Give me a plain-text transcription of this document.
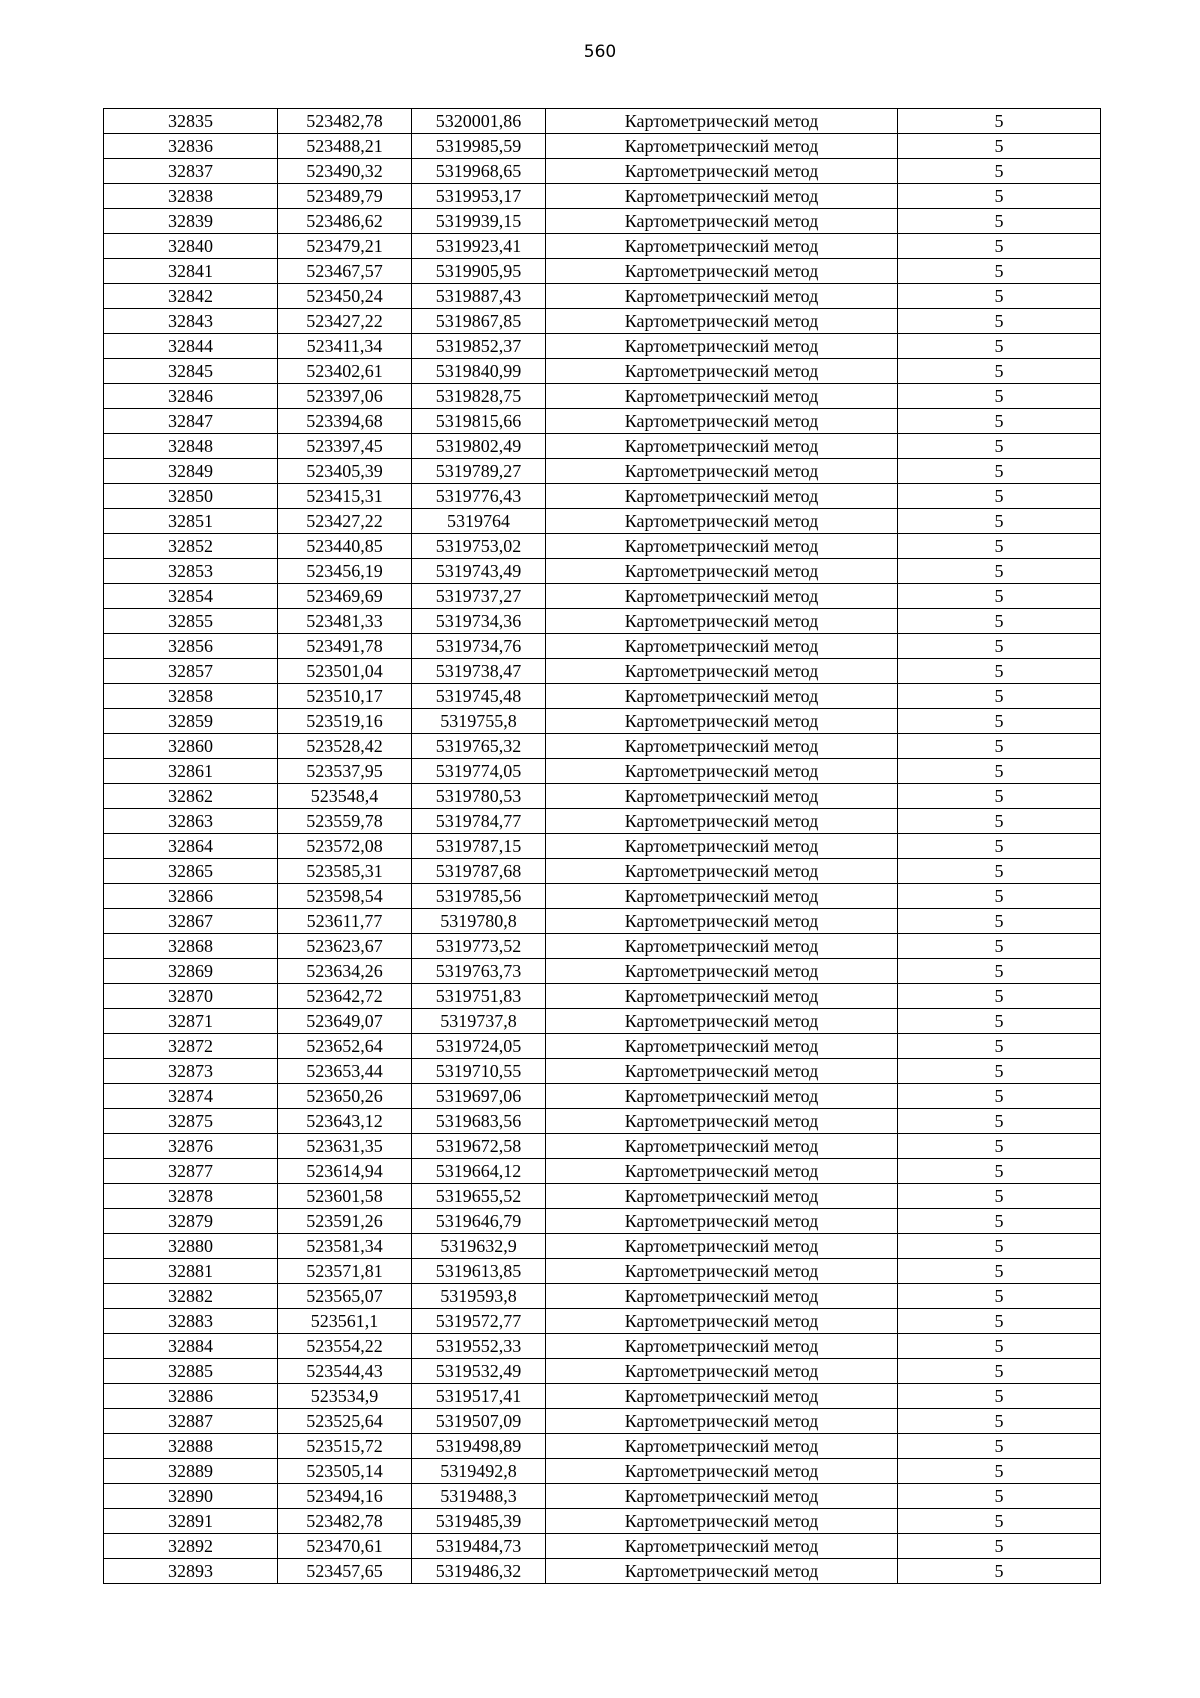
560
32835	523482,78	5320001,86	Картометрический метод	5
32836	523488,21	5319985,59	Картометрический метод	5
32837	523490,32	5319968,65	Картометрический метод	5
32838	523489,79	5319953,17	Картометрический метод	5
32839	523486,62	5319939,15	Картометрический метод	5
32840	523479,21	5319923,41	Картометрический метод	5
32841	523467,57	5319905,95	Картометрический метод	5
32842	523450,24	5319887,43	Картометрический метод	5
32843	523427,22	5319867,85	Картометрический метод	5
32844	523411,34	5319852,37	Картометрический метод	5
32845	523402,61	5319840,99	Картометрический метод	5
32846	523397,06	5319828,75	Картометрический метод	5
32847	523394,68	5319815,66	Картометрический метод	5
32848	523397,45	5319802,49	Картометрический метод	5
32849	523405,39	5319789,27	Картометрический метод	5
32850	523415,31	5319776,43	Картометрический метод	5
32851	523427,22	5319764	Картометрический метод	5
32852	523440,85	5319753,02	Картометрический метод	5
32853	523456,19	5319743,49	Картометрический метод	5
32854	523469,69	5319737,27	Картометрический метод	5
32855	523481,33	5319734,36	Картометрический метод	5
32856	523491,78	5319734,76	Картометрический метод	5
32857	523501,04	5319738,47	Картометрический метод	5
32858	523510,17	5319745,48	Картометрический метод	5
32859	523519,16	5319755,8	Картометрический метод	5
32860	523528,42	5319765,32	Картометрический метод	5
32861	523537,95	5319774,05	Картометрический метод	5
32862	523548,4	5319780,53	Картометрический метод	5
32863	523559,78	5319784,77	Картометрический метод	5
32864	523572,08	5319787,15	Картометрический метод	5
32865	523585,31	5319787,68	Картометрический метод	5
32866	523598,54	5319785,56	Картометрический метод	5
32867	523611,77	5319780,8	Картометрический метод	5
32868	523623,67	5319773,52	Картометрический метод	5
32869	523634,26	5319763,73	Картометрический метод	5
32870	523642,72	5319751,83	Картометрический метод	5
32871	523649,07	5319737,8	Картометрический метод	5
32872	523652,64	5319724,05	Картометрический метод	5
32873	523653,44	5319710,55	Картометрический метод	5
32874	523650,26	5319697,06	Картометрический метод	5
32875	523643,12	5319683,56	Картометрический метод	5
32876	523631,35	5319672,58	Картометрический метод	5
32877	523614,94	5319664,12	Картометрический метод	5
32878	523601,58	5319655,52	Картометрический метод	5
32879	523591,26	5319646,79	Картометрический метод	5
32880	523581,34	5319632,9	Картометрический метод	5
32881	523571,81	5319613,85	Картометрический метод	5
32882	523565,07	5319593,8	Картометрический метод	5
32883	523561,1	5319572,77	Картометрический метод	5
32884	523554,22	5319552,33	Картометрический метод	5
32885	523544,43	5319532,49	Картометрический метод	5
32886	523534,9	5319517,41	Картометрический метод	5
32887	523525,64	5319507,09	Картометрический метод	5
32888	523515,72	5319498,89	Картометрический метод	5
32889	523505,14	5319492,8	Картометрический метод	5
32890	523494,16	5319488,3	Картометрический метод	5
32891	523482,78	5319485,39	Картометрический метод	5
32892	523470,61	5319484,73	Картометрический метод	5
32893	523457,65	5319486,32	Картометрический метод	5
